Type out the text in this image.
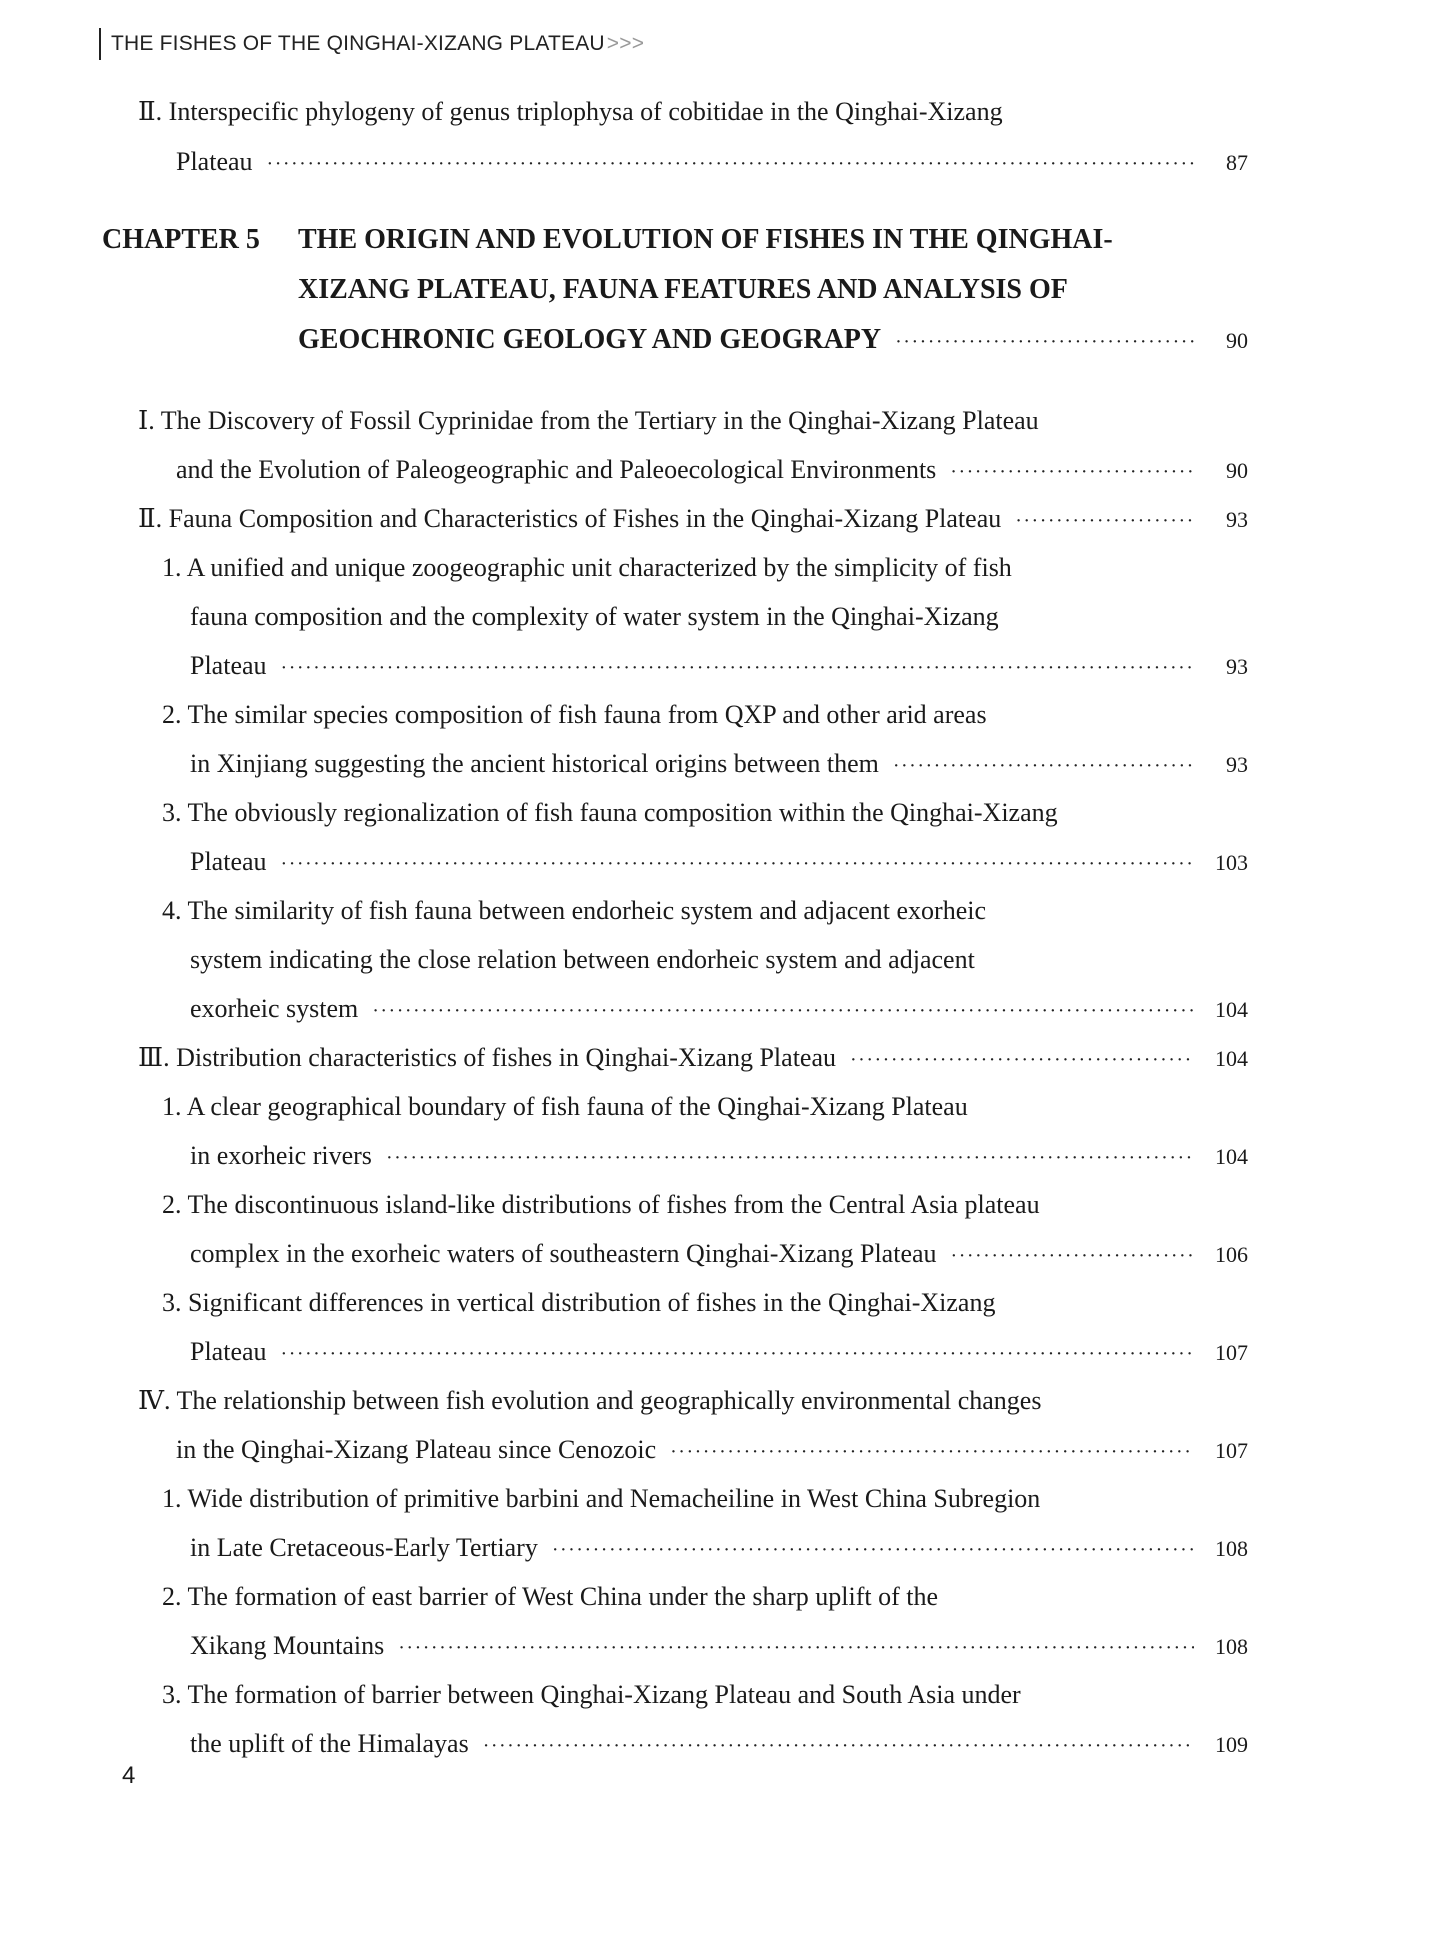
THE FISHES OF THE QINGHAI-XIZANG PLATEAU>>>
Ⅱ. Interspecific phylogeny of genus triplophysa of cobitidae in the Qinghai-Xizang
Plateau ·····	87
CHAPTER 5 THE ORIGIN AND EVOLUTION OF FISHES IN THE QINGHAI-
XIZANG PLATEAU, FAUNA FEATURES AND ANALYSIS OF
GEOCHRONIC GEOLOGY AND GEOGRAPY ·····	90
Ⅰ. The Discovery of Fossil Cyprinidae from the Tertiary in the Qinghai-Xizang Plateau
and the Evolution of Paleogeographic and Paleoecological Environments ·····	90
Ⅱ. Fauna Composition and Characteristics of Fishes in the Qinghai-Xizang Plateau ·····	93
1. A unified and unique zoogeographic unit characterized by the simplicity of fish
fauna composition and the complexity of water system in the Qinghai-Xizang
Plateau ·····	93
2. The similar species composition of fish fauna from QXP and other arid areas
in Xinjiang suggesting the ancient historical origins between them ·····	93
3. The obviously regionalization of fish fauna composition within the Qinghai-Xizang
Plateau ·····	103
4. The similarity of fish fauna between endorheic system and adjacent exorheic
system indicating the close relation between endorheic system and adjacent
exorheic system ·····	104
Ⅲ. Distribution characteristics of fishes in Qinghai-Xizang Plateau ·····	104
1. A clear geographical boundary of fish fauna of the Qinghai-Xizang Plateau
in exorheic rivers ·····	104
2. The discontinuous island-like distributions of fishes from the Central Asia plateau
complex in the exorheic waters of southeastern Qinghai-Xizang Plateau ·····	106
3. Significant differences in vertical distribution of fishes in the Qinghai-Xizang
Plateau ·····	107
Ⅳ. The relationship between fish evolution and geographically environmental changes
in the Qinghai-Xizang Plateau since Cenozoic ·····	107
1. Wide distribution of primitive barbini and Nemacheiline in West China Subregion
in Late Cretaceous-Early Tertiary ·····	108
2. The formation of east barrier of West China under the sharp uplift of the
Xikang Mountains ·····	108
3. The formation of barrier between Qinghai-Xizang Plateau and South Asia under
the uplift of the Himalayas ·····	109
4
